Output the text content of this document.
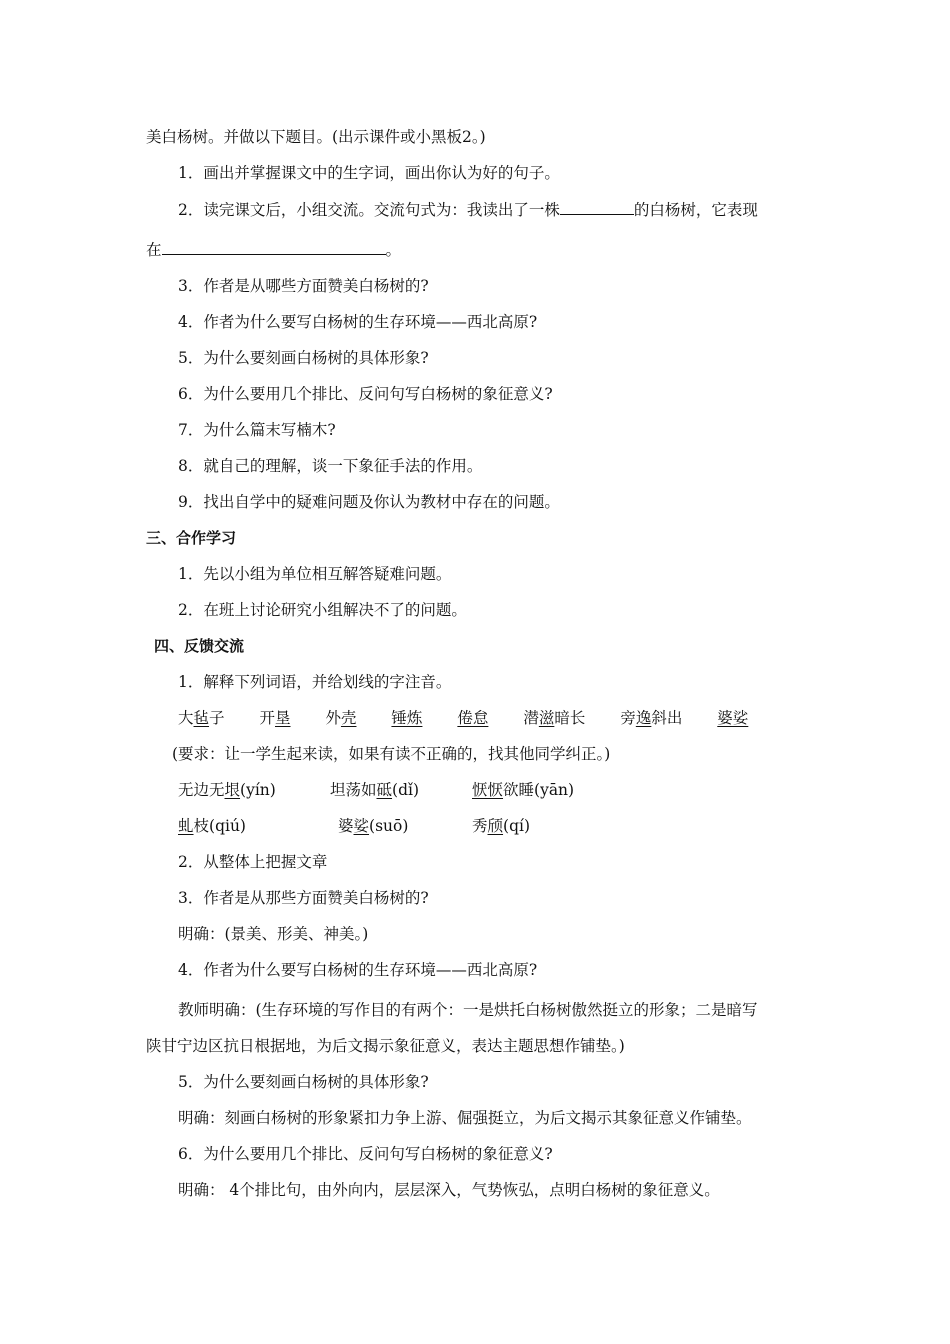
美白杨树。并做以下题目。(出示课件或小黑板2。)
1．画出并掌握课文中的生字词，画出你认为好的句子。
2．读完课文后，小组交流。交流句式为：我读出了一株	的白杨树，它表现
在	。
3．作者是从哪些方面赞美白杨树的?
4．作者为什么要写白杨树的生存环境——西北高原?
5．为什么要刻画白杨树的具体形象?
6．为什么要用几个排比、反问句写白杨树的象征意义?
7．为什么篇末写楠木?
8．就自己的理解，谈一下象征手法的作用。
9．找出自学中的疑难问题及你认为教材中存在的问题。
三、合作学习
1．先以小组为单位相互解答疑难问题。
2．在班上讨论研究小组解决不了的问题。
四、反馈交流
1．解释下列词语，并给划线的字注音。
大毡子 开垦 外壳 锤炼 倦怠 潜滋暗长 旁逸斜出 婆娑
(要求：让一学生起来读，如果有读不正确的，找其他同学纠正。)
无边无垠(yín)	坦荡如砥(dǐ)	恹恹欲睡(yān)
虬枝(qiú)	婆娑(suō)	秀颀(qí)
2．从整体上把握文章
3．作者是从那些方面赞美白杨树的?
明确：(景美、形美、神美。)
4．作者为什么要写白杨树的生存环境——西北高原?
教师明确：(生存环境的写作目的有两个：一是烘托白杨树傲然挺立的形象；二是暗写
陕甘宁边区抗日根据地，为后文揭示象征意义，表达主题思想作铺垫。)
5．为什么要刻画白杨树的具体形象?
明确：刻画白杨树的形象紧扣力争上游、倔强挺立，为后文揭示其象征意义作铺垫。
6．为什么要用几个排比、反问句写白杨树的象征意义?
明确： 4个排比句，由外向内，层层深入，气势恢弘，点明白杨树的象征意义。
